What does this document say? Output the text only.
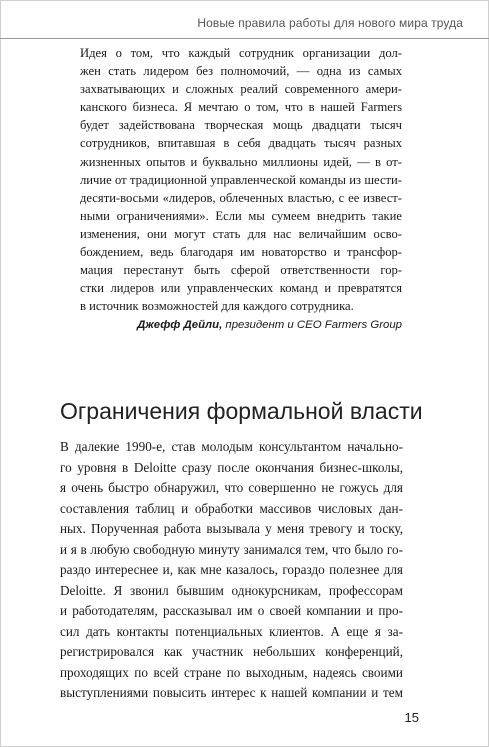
Новые правила работы для нового мира труда
Идея о том, что каждый сотрудник организации дол-
жен стать лидером без полномочий, — одна из самых
захватывающих и сложных реалий современного амери-
канского бизнеса. Я мечтаю о том, что в нашей Farmers
будет задействована творческая мощь двадцати тысяч
сотрудников, впитавшая в себя двадцать тысяч разных
жизненных опытов и буквально миллионы идей, — в от-
личие от традиционной управленческой команды из шести-
десяти-восьми «лидеров, облеченных властью, с ее извест-
ными ограничениями». Если мы сумеем внедрить такие
изменения, они могут стать для нас величайшим осво-
бождением, ведь благодаря им новаторство и трансфор-
мация перестанут быть сферой ответственности гор-
стки лидеров или управленческих команд и превратятся
в источник возможностей для каждого сотрудника.
Джефф Дейли, президент и CEO Farmers Group
Ограничения формальной власти
В далекие 1990-е, став молодым консультантом начально-
го уровня в Deloitte сразу после окончания бизнес-школы,
я очень быстро обнаружил, что совершенно не гожусь для
составления таблиц и обработки массивов числовых дан-
ных. Порученная работа вызывала у меня тревогу и тоску,
и я в любую свободную минуту занимался тем, что было го-
раздо интереснее и, как мне казалось, гораздо полезнее для
Deloitte. Я звонил бывшим однокурсникам, профессорам
и работодателям, рассказывал им о своей компании и про-
сил дать контакты потенциальных клиентов. А еще я за-
регистрировался как участник небольших конференций,
проходящих по всей стране по выходным, надеясь своими
выступлениями повысить интерес к нашей компании и тем
15
